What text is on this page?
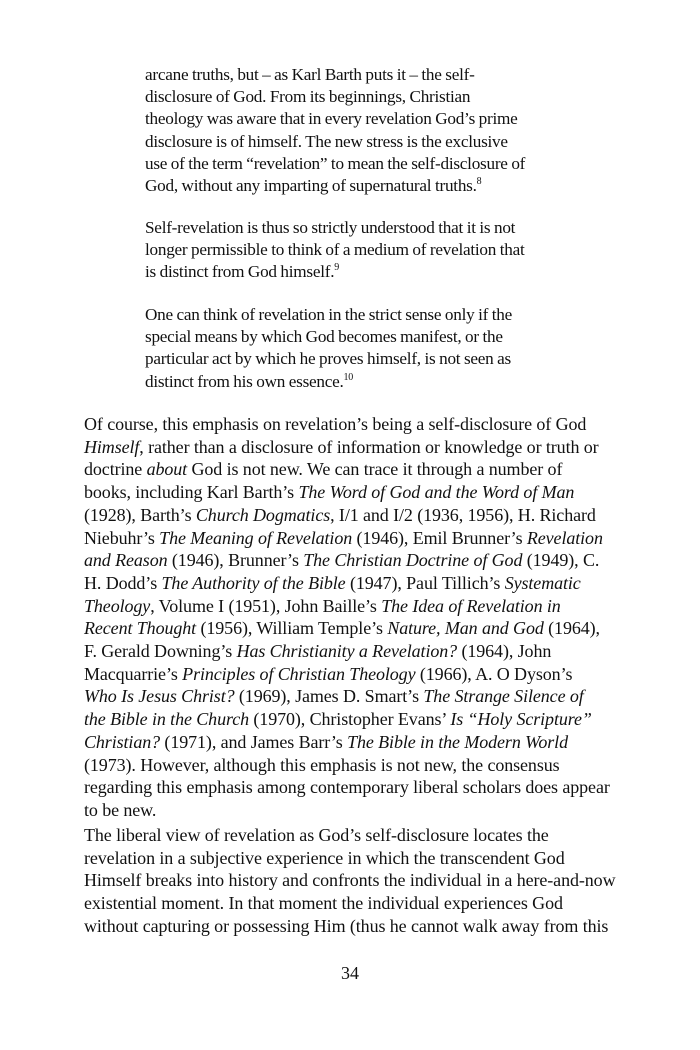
arcane truths, but – as Karl Barth puts it – the self-
disclosure of God. From its beginnings, Christian
theology was aware that in every revelation God’s prime
disclosure is of himself. The new stress is the exclusive
use of the term “revelation” to mean the self-disclosure of
God, without any imparting of supernatural truths.$^8$
Self-revelation is thus so strictly understood that it is not
longer permissible to think of a medium of revelation that
is distinct from God himself.$^9$
One can think of revelation in the strict sense only if the
special means by which God becomes manifest, or the
particular act by which he proves himself, is not seen as
distinct from his own essence.$^{10}$
Of course, this emphasis on revelation’s being a self-disclosure of God
Himself, rather than a disclosure of information or knowledge or truth or
doctrine about God is not new. We can trace it through a number of
books, including Karl Barth’s The Word of God and the Word of Man
(1928), Barth’s Church Dogmatics, I/1 and I/2 (1936, 1956), H. Richard
Niebuhr’s The Meaning of Revelation (1946), Emil Brunner’s Revelation
and Reason (1946), Brunner’s The Christian Doctrine of God (1949), C.
H. Dodd’s The Authority of the Bible (1947), Paul Tillich’s Systematic
Theology, Volume I (1951), John Baille’s The Idea of Revelation in
Recent Thought (1956), William Temple’s Nature, Man and God (1964),
F. Gerald Downing’s Has Christianity a Revelation? (1964), John
Macquarrie’s Principles of Christian Theology (1966), A. O Dyson’s
Who Is Jesus Christ? (1969), James D. Smart’s The Strange Silence of
the Bible in the Church (1970), Christopher Evans’ Is “Holy Scripture”
Christian? (1971), and James Barr’s The Bible in the Modern World
(1973). However, although this emphasis is not new, the consensus
regarding this emphasis among contemporary liberal scholars does appear
to be new.
The liberal view of revelation as God’s self-disclosure locates the
revelation in a subjective experience in which the transcendent God
Himself breaks into history and confronts the individual in a here-and-now
existential moment. In that moment the individual experiences God
without capturing or possessing Him (thus he cannot walk away from this
34
